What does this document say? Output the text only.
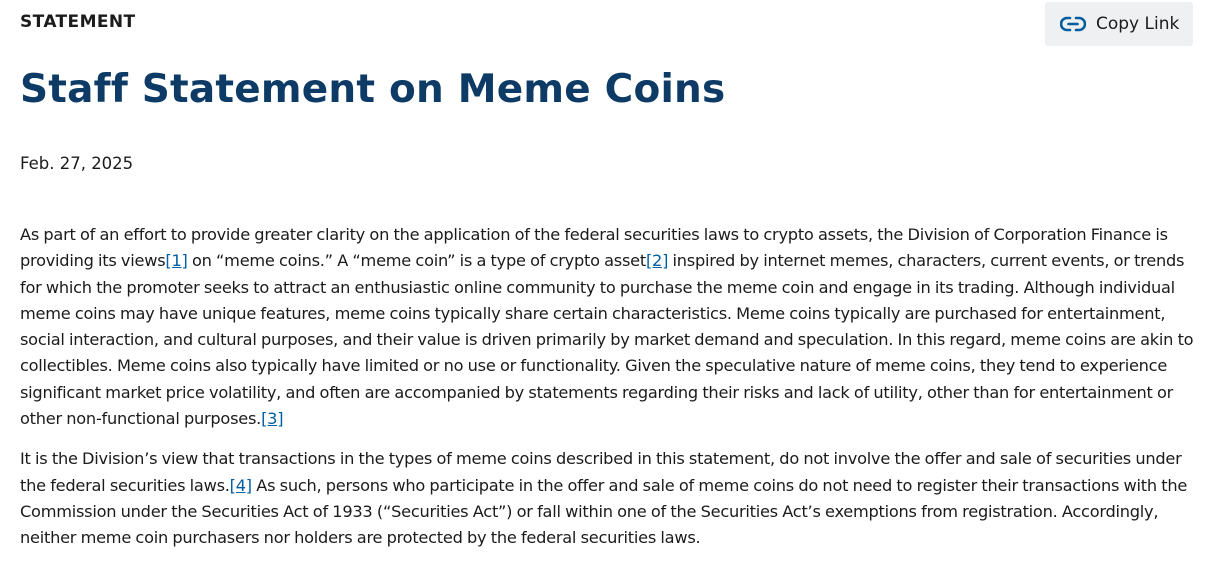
STATEMENT	Copy Link
Staff Statement on Meme Coins
Feb. 27, 2025

As part of an effort to provide greater clarity on the application of the federal securities laws to crypto assets, the Division of Corporation Finance is providing its views[1] on “meme coins.” A “meme coin” is a type of crypto asset[2] inspired by internet memes, characters, current events, or trends for which the promoter seeks to attract an enthusiastic online community to purchase the meme coin and engage in its trading. Although individual meme coins may have unique features, meme coins typically share certain characteristics. Meme coins typically are purchased for entertainment, social interaction, and cultural purposes, and their value is driven primarily by market demand and speculation. In this regard, meme coins are akin to collectibles. Meme coins also typically have limited or no use or functionality. Given the speculative nature of meme coins, they tend to experience significant market price volatility, and often are accompanied by statements regarding their risks and lack of utility, other than for entertainment or other non-functional purposes.[3]

It is the Division’s view that transactions in the types of meme coins described in this statement, do not involve the offer and sale of securities under the federal securities laws.[4] As such, persons who participate in the offer and sale of meme coins do not need to register their transactions with the Commission under the Securities Act of 1933 (“Securities Act”) or fall within one of the Securities Act’s exemptions from registration. Accordingly, neither meme coin purchasers nor holders are protected by the federal securities laws.
